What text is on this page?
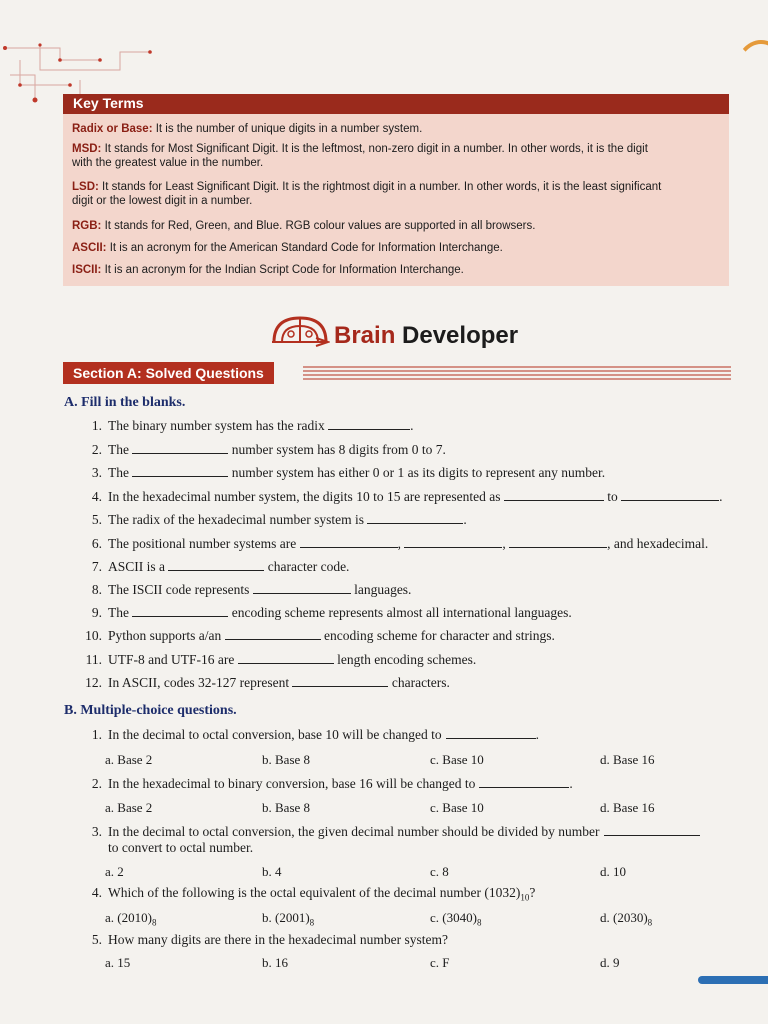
Key Terms
Radix or Base: It is the number of unique digits in a number system.
MSD: It stands for Most Significant Digit. It is the leftmost, non-zero digit in a number. In other words, it is the digit
with the greatest value in the number.
LSD: It stands for Least Significant Digit. It is the rightmost digit in a number. In other words, it is the least significant
digit or the lowest digit in a number.
RGB: It stands for Red, Green, and Blue. RGB colour values are supported in all browsers.
ASCII: It is an acronym for the American Standard Code for Information Interchange.
ISCII: It is an acronym for the Indian Script Code for Information Interchange.
Brain Developer
Section A: Solved Questions
A. Fill in the blanks.
1. The binary number system has the radix	.
2. The	number system has 8 digits from 0 to 7.
3. The	number system has either 0 or 1 as its digits to represent any number.
4. In the hexadecimal number system, the digits 10 to 15 are represented as	to	.
5. The radix of the hexadecimal number system is	.
6. The positional number systems are	,	,	, and hexadecimal.
7. ASCII is a	character code.
8. The ISCII code represents	languages.
9. The	encoding scheme represents almost all international languages.
10. Python supports a/an	encoding scheme for character and strings.
11. UTF-8 and UTF-16 are	length encoding schemes.
12. In ASCII, codes 32-127 represent	characters.
B. Multiple-choice questions.
1. In the decimal to octal conversion, base 10 will be changed to	.
a. Base 2	b. Base 8	c. Base 10	d. Base 16
2. In the hexadecimal to binary conversion, base 16 will be changed to	.
a. Base 2	b. Base 8	c. Base 10	d. Base 16
3. In the decimal to octal conversion, the given decimal number should be divided by number
to convert to octal number.
a. 2	b. 4	c. 8	d. 10
4. Which of the following is the octal equivalent of the decimal number $(1032)_{10}$?
a. $(2010)_8$	b. $(2001)_8$	c. $(3040)_8$	d. $(2030)_8$
5. How many digits are there in the hexadecimal number system?
a. 15	b. 16	c. F	d. 9
